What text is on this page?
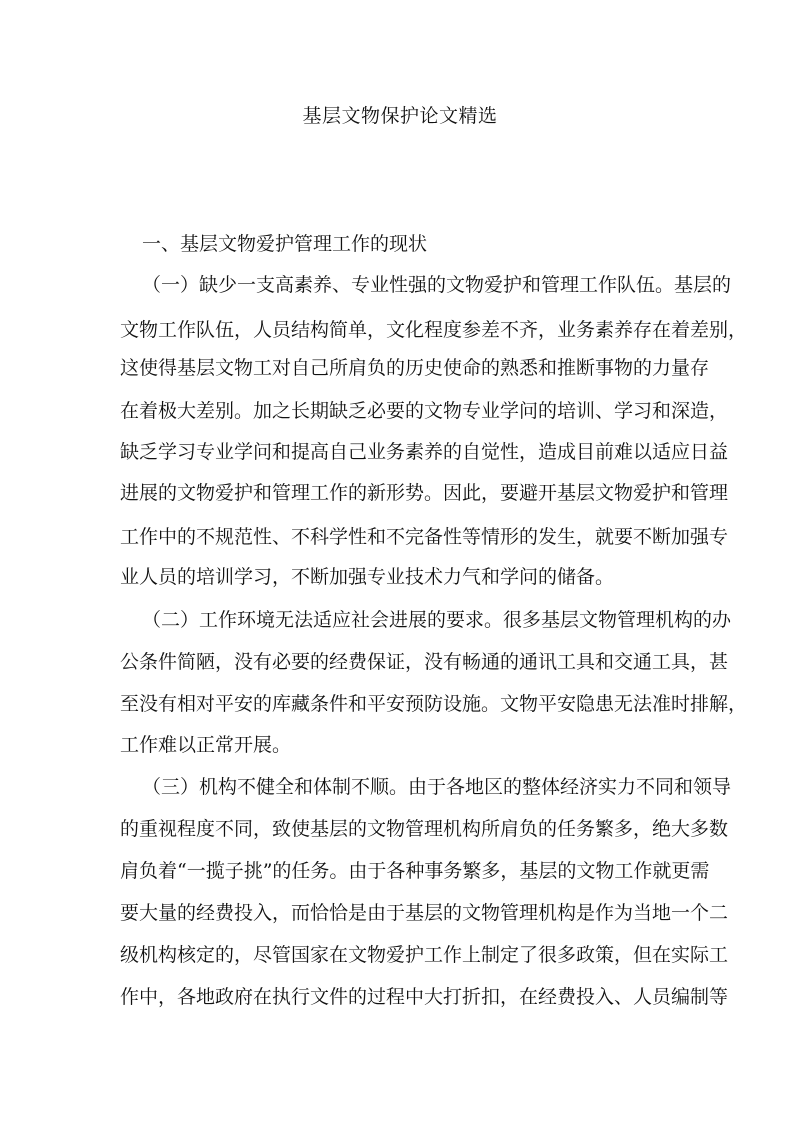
基层文物保护论文精选
一、基层文物爱护管理工作的现状

（一）缺少一支高素养、专业性强的文物爱护和管理工作队伍。基层的

文物工作队伍，人员结构简单，文化程度参差不齐，业务素养存在着差别，

这使得基层文物工对自己所肩负的历史使命的熟悉和推断事物的力量存

在着极大差别。加之长期缺乏必要的文物专业学问的培训、学习和深造，

缺乏学习专业学问和提高自己业务素养的自觉性，造成目前难以适应日益

进展的文物爱护和管理工作的新形势。因此，要避开基层文物爱护和管理

工作中的不规范性、不科学性和不完备性等情形的发生，就要不断加强专

业人员的培训学习，不断加强专业技术力气和学问的储备。

（二）工作环境无法适应社会进展的要求。很多基层文物管理机构的办

公条件简陋，没有必要的经费保证，没有畅通的通讯工具和交通工具，甚

至没有相对平安的库藏条件和平安预防设施。文物平安隐患无法准时排解，

工作难以正常开展。

（三）机构不健全和体制不顺。由于各地区的整体经济实力不同和领导

的重视程度不同，致使基层的文物管理机构所肩负的任务繁多，绝大多数

肩负着“一揽子挑”的任务。由于各种事务繁多，基层的文物工作就更需

要大量的经费投入，而恰恰是由于基层的文物管理机构是作为当地一个二

级机构核定的，尽管国家在文物爱护工作上制定了很多政策，但在实际工

作中，各地政府在执行文件的过程中大打折扣，在经费投入、人员编制等
